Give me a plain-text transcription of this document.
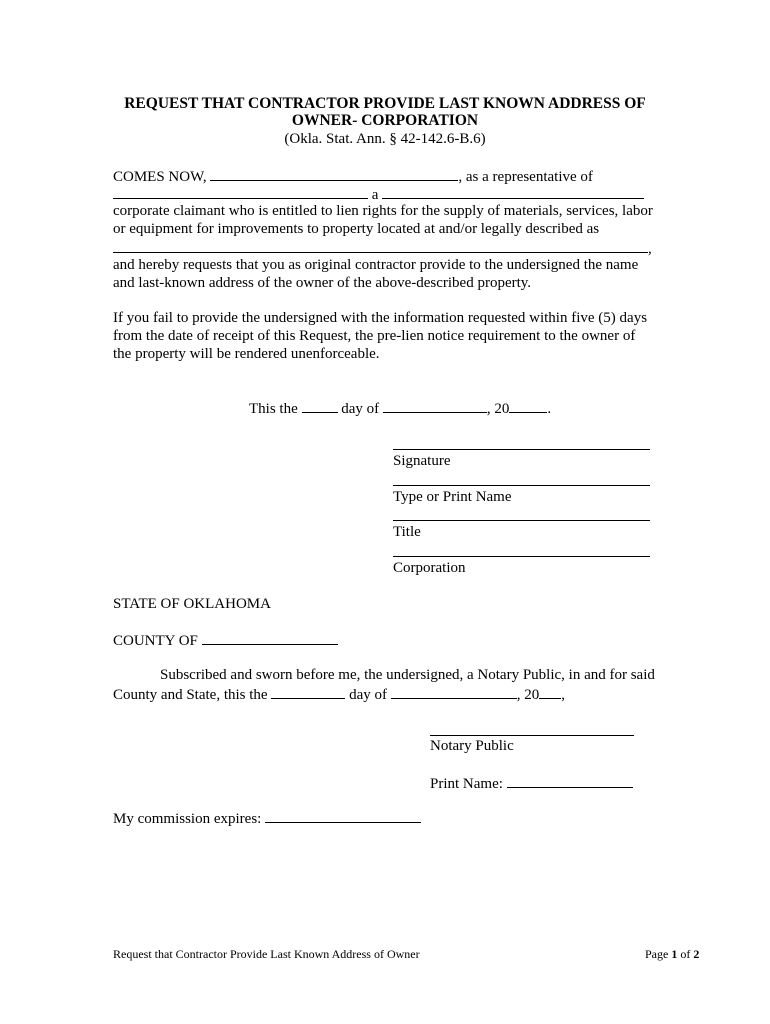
REQUEST THAT CONTRACTOR PROVIDE LAST KNOWN ADDRESS OF
OWNER- CORPORATION
(Okla. Stat. Ann. § 42-142.6-B.6)
COMES NOW,	, as a representative of
a
corporate claimant who is entitled to lien rights for the supply of materials, services, labor
or equipment for improvements to property located at and/or legally described as
,
and hereby requests that you as original contractor provide to the undersigned the name
and last-known address of the owner of the above-described property.
If you fail to provide the undersigned with the information requested within five (5) days
from the date of receipt of this Request, the pre-lien notice requirement to the owner of
the property will be rendered unenforceable.
This the	day of	, 20	.
Signature
Type or Print Name
Title
Corporation
STATE OF OKLAHOMA
COUNTY OF
Subscribed and sworn before me, the undersigned, a Notary Public, in and for said
County and State, this the	day of	, 20 ,
Notary Public
Print Name:
My commission expires:
Request that Contractor Provide Last Known Address of Owner	Page 1 of 2
